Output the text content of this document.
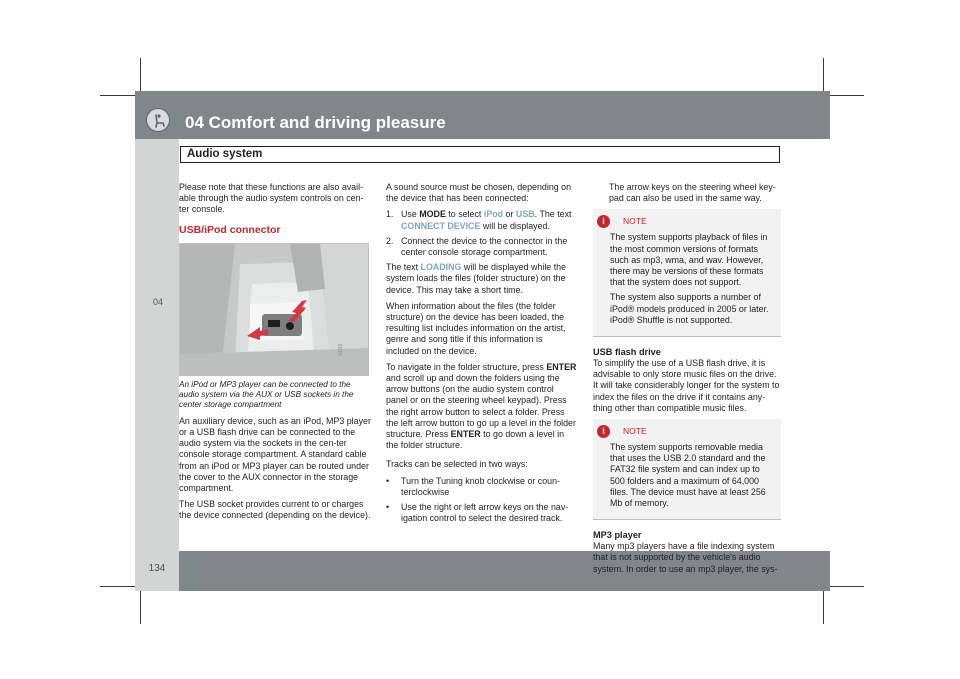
04 Comfort and driving pleasure
Audio system
04
134

Please note that these functions are also avail-able through the audio system controls on cen-ter console.

USB/iPod connector
G031
An iPod or MP3 player can be connected to the audio system via the AUX or USB sockets in the center storage compartment

An auxiliary device, such as an iPod, MP3 player or a USB flash drive can be connected to the audio system via the sockets in the cen-ter console storage compartment. A standard cable from an iPod or MP3 player can be routed under the cover to the AUX connector in the storage compartment.

The USB socket provides current to or charges the device connected (depending on the device).

A sound source must be chosen, depending on the device that has been connected:

1. Use MODE to select iPod or USB. The text CONNECT DEVICE will be displayed.
2. Connect the device to the connector in the center console storage compartment.

The text LOADING will be displayed while the system loads the files (folder structure) on the device. This may take a short time.

When information about the files (the folder structure) on the device has been loaded, the resulting list includes information on the artist, genre and song title if this information is included on the device.

To navigate in the folder structure, press ENTER and scroll up and down the folders using the arrow buttons (on the audio system control panel or on the steering wheel keypad). Press the right arrow button to select a folder. Press the left arrow button to go up a level in the folder structure. Press ENTER to go down a level in the folder structure.

Tracks can be selected in two ways:

• Turn the Tuning knob clockwise or coun-terclockwise
• Use the right or left arrow keys on the nav-igation control to select the desired track.

The arrow keys on the steering wheel key-pad can also be used in the same way.

i	NOTE

The system supports playback of files in the most common versions of formats such as mp3, wma, and wav. However, there may be versions of these formats that the system does not support.

The system also supports a number of iPod® models produced in 2005 or later. iPod® Shuffle is not supported.

USB flash drive

To simplify the use of a USB flash drive, it is advisable to only store music files on the drive. It will take considerably longer for the system to index the files on the drive if it contains any-thing other than compatible music files.

i	NOTE

The system supports removable media that uses the USB 2.0 standard and the FAT32 file system and can index up to 500 folders and a maximum of 64,000 files. The device must have at least 256 Mb of memory.

MP3 player

Many mp3 players have a file indexing system that is not supported by the vehicle's audio system. In order to use an mp3 player, the sys-
